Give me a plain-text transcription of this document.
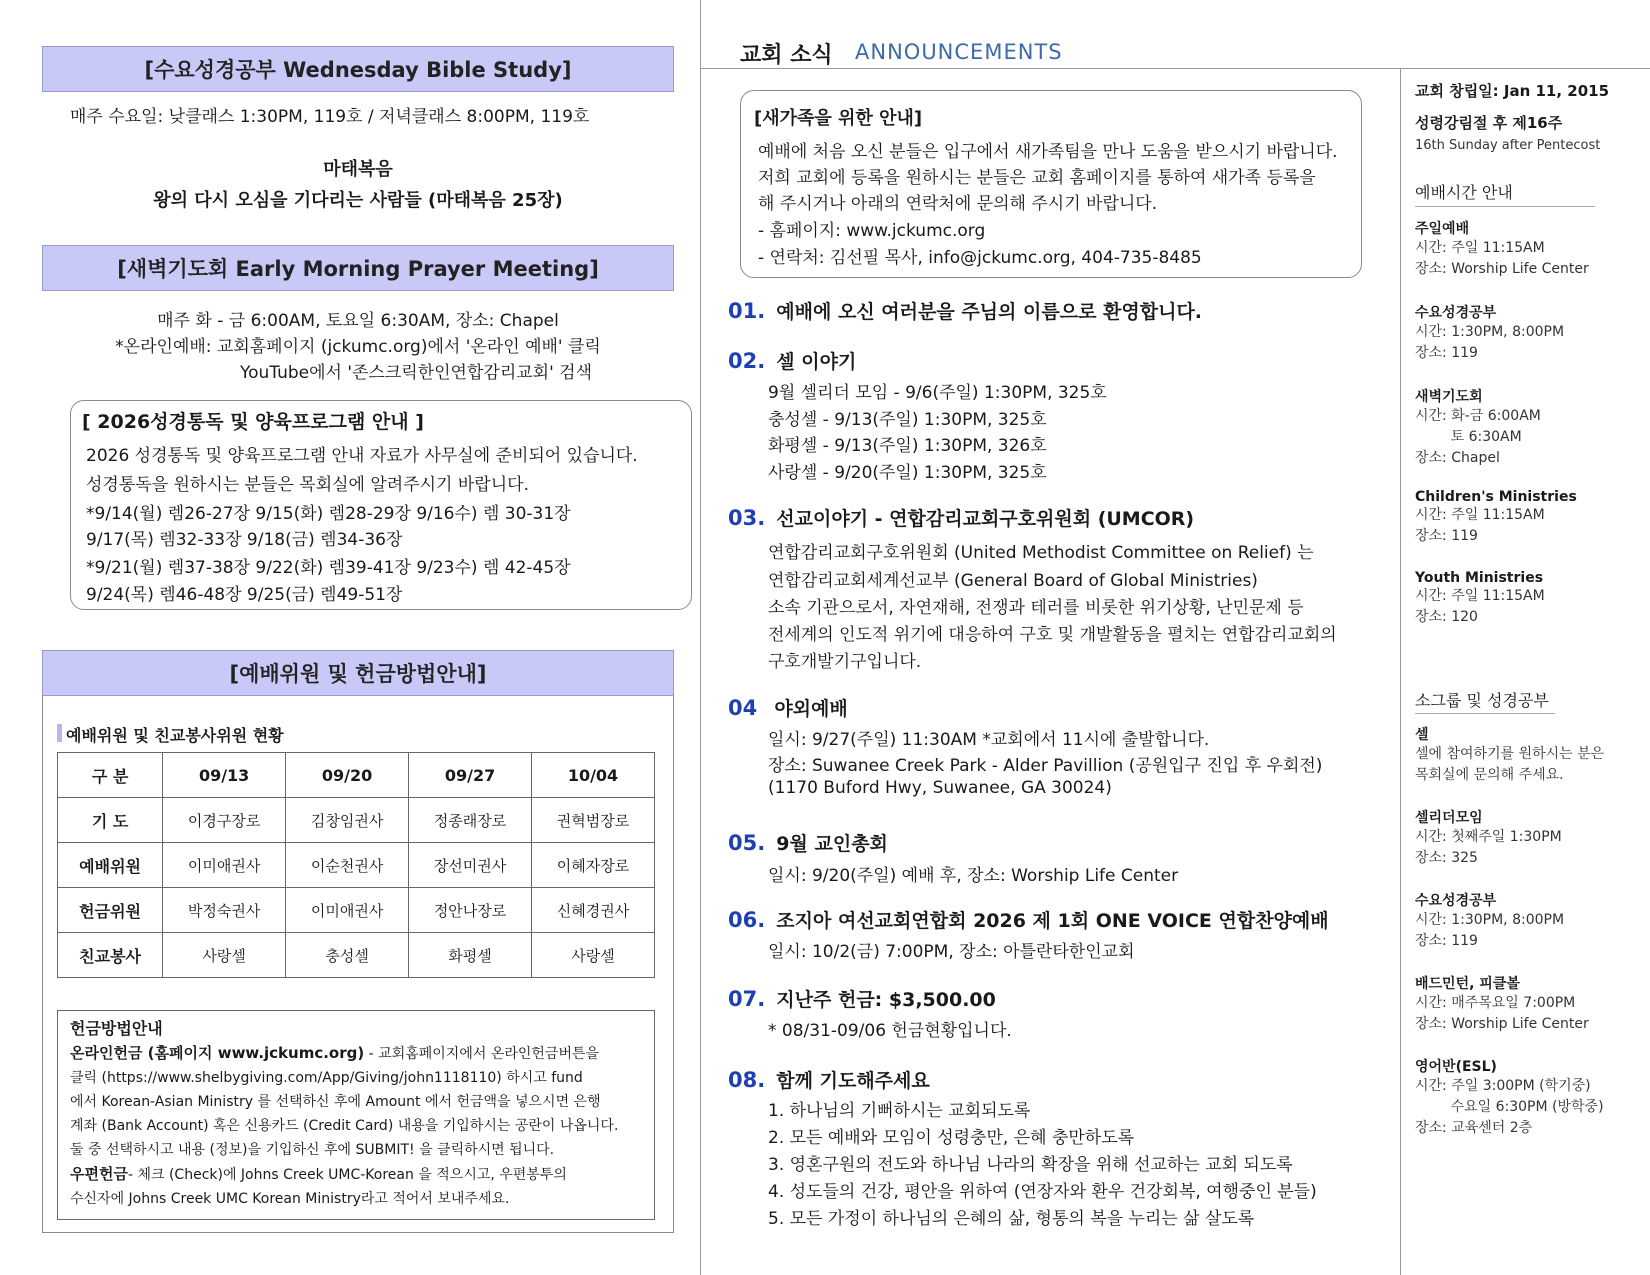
[수요성경공부 Wednesday Bible Study]
매주 수요일: 낮클래스 1:30PM, 119호 / 저녁클래스 8:00PM, 119호
마태복음
왕의 다시 오심을 기다리는 사람들 (마태복음 25장)
[새벽기도회 Early Morning Prayer Meeting]
매주 화 - 금 6:00AM, 토요일 6:30AM, 장소: Chapel
*온라인예배: 교회홈페이지 (jckumc.org)에서 '온라인 예배' 클릭
YouTube에서 '존스크릭한인연합감리교회' 검색
[ 2026성경통독 및 양육프로그램 안내 ]
2026 성경통독 및 양육프로그램 안내 자료가 사무실에 준비되어 있습니다.
성경통독을 원하시는 분들은 목회실에 알려주시기 바랍니다.
*9/14(월) 렘26-27장 9/15(화) 렘28-29장 9/16수) 렘 30-31장
9/17(목) 렘32-33장 9/18(금) 렘34-36장
*9/21(월) 렘37-38장 9/22(화) 렘39-41장 9/23수) 렘 42-45장
9/24(목) 렘46-48장 9/25(금) 렘49-51장
[예배위원 및 헌금방법안내]
예배위원 및 친교봉사위원 현황
구 분	09/13	09/20	09/27	10/04
기 도	이경구장로	김창임권사	정종래장로	권혁범장로
예배위원	이미애권사	이순천권사	장선미권사	이혜자장로
헌금위원	박정숙권사	이미애권사	정안나장로	신혜경권사
친교봉사	사랑셀	충성셀	화평셀	사랑셀
헌금방법안내
온라인헌금 (홈페이지 www.jckumc.org) - 교회홈페이지에서 온라인헌금버튼을
클릭 (https://www.shelbygiving.com/App/Giving/john1118110) 하시고 fund
에서 Korean-Asian Ministry 를 선택하신 후에 Amount 에서 헌금액을 넣으시면 은행
계좌 (Bank Account) 혹은 신용카드 (Credit Card) 내용을 기입하시는 공란이 나옵니다.
둘 중 선택하시고 내용 (정보)을 기입하신 후에 SUBMIT! 을 클릭하시면 됩니다.
우편헌금- 체크 (Check)에 Johns Creek UMC-Korean 을 적으시고, 우편봉투의
수신자에 Johns Creek UMC Korean Ministry라고 적어서 보내주세요.
교회 소식 ANNOUNCEMENTS
[새가족을 위한 안내]
예배에 처음 오신 분들은 입구에서 새가족팀을 만나 도움을 받으시기 바랍니다.
저희 교회에 등록을 원하시는 분들은 교회 홈페이지를 통하여 새가족 등록을
해 주시거나 아래의 연락처에 문의해 주시기 바랍니다.
- 홈페이지: www.jckumc.org
- 연락처: 김선필 목사, info@jckumc.org, 404-735-8485
01. 예배에 오신 여러분을 주님의 이름으로 환영합니다.
02. 셀 이야기
9월 셀리더 모임 - 9/6(주일) 1:30PM, 325호
충성셀 - 9/13(주일) 1:30PM, 325호
화평셀 - 9/13(주일) 1:30PM, 326호
사랑셀 - 9/20(주일) 1:30PM, 325호
03. 선교이야기 - 연합감리교회구호위원회 (UMCOR)
연합감리교회구호위원회 (United Methodist Committee on Relief) 는
연합감리교회세계선교부 (General Board of Global Ministries)
소속 기관으로서, 자연재해, 전쟁과 테러를 비롯한 위기상황, 난민문제 등
전세계의 인도적 위기에 대응하여 구호 및 개발활동을 펼치는 연합감리교회의
구호개발기구입니다.
04 야외예배
일시: 9/27(주일) 11:30AM *교회에서 11시에 출발합니다.
장소: Suwanee Creek Park - Alder Pavillion (공원입구 진입 후 우회전)
(1170 Buford Hwy, Suwanee, GA 30024)
05. 9월 교인총회
일시: 9/20(주일) 예배 후, 장소: Worship Life Center
06. 조지아 여선교회연합회 2026 제 1회 ONE VOICE 연합찬양예배
일시: 10/2(금) 7:00PM, 장소: 아틀란타한인교회
07. 지난주 헌금: $3,500.00
* 08/31-09/06 헌금현황입니다.
08. 함께 기도해주세요
1. 하나님의 기뻐하시는 교회되도록
2. 모든 예배와 모임이 성령충만, 은혜 충만하도록
3. 영혼구원의 전도와 하나님 나라의 확장을 위해 선교하는 교회 되도록
4. 성도들의 건강, 평안을 위하여 (연장자와 환우 건강회복, 여행중인 분들)
5. 모든 가정이 하나님의 은혜의 삶, 형통의 복을 누리는 삶 살도록
교회 창립일: Jan 11, 2015
성령강림절 후 제16주
16th Sunday after Pentecost
예배시간 안내
주일예배
시간: 주일 11:15AM
장소: Worship Life Center
수요성경공부
시간: 1:30PM, 8:00PM
장소: 119
새벽기도회
시간: 화-금 6:00AM
토 6:30AM
장소: Chapel
Children's Ministries
시간: 주일 11:15AM
장소: 119
Youth Ministries
시간: 주일 11:15AM
장소: 120
소그룹 및 성경공부
셀
셀에 참여하기를 원하시는 분은
목회실에 문의해 주세요.
셀리더모임
시간: 첫째주일 1:30PM
장소: 325
수요성경공부
시간: 1:30PM, 8:00PM
장소: 119
배드민턴, 피클볼
시간: 매주목요일 7:00PM
장소: Worship Life Center
영어반(ESL)
시간: 주일 3:00PM (학기중)
수요일 6:30PM (방학중)
장소: 교육센터 2층
